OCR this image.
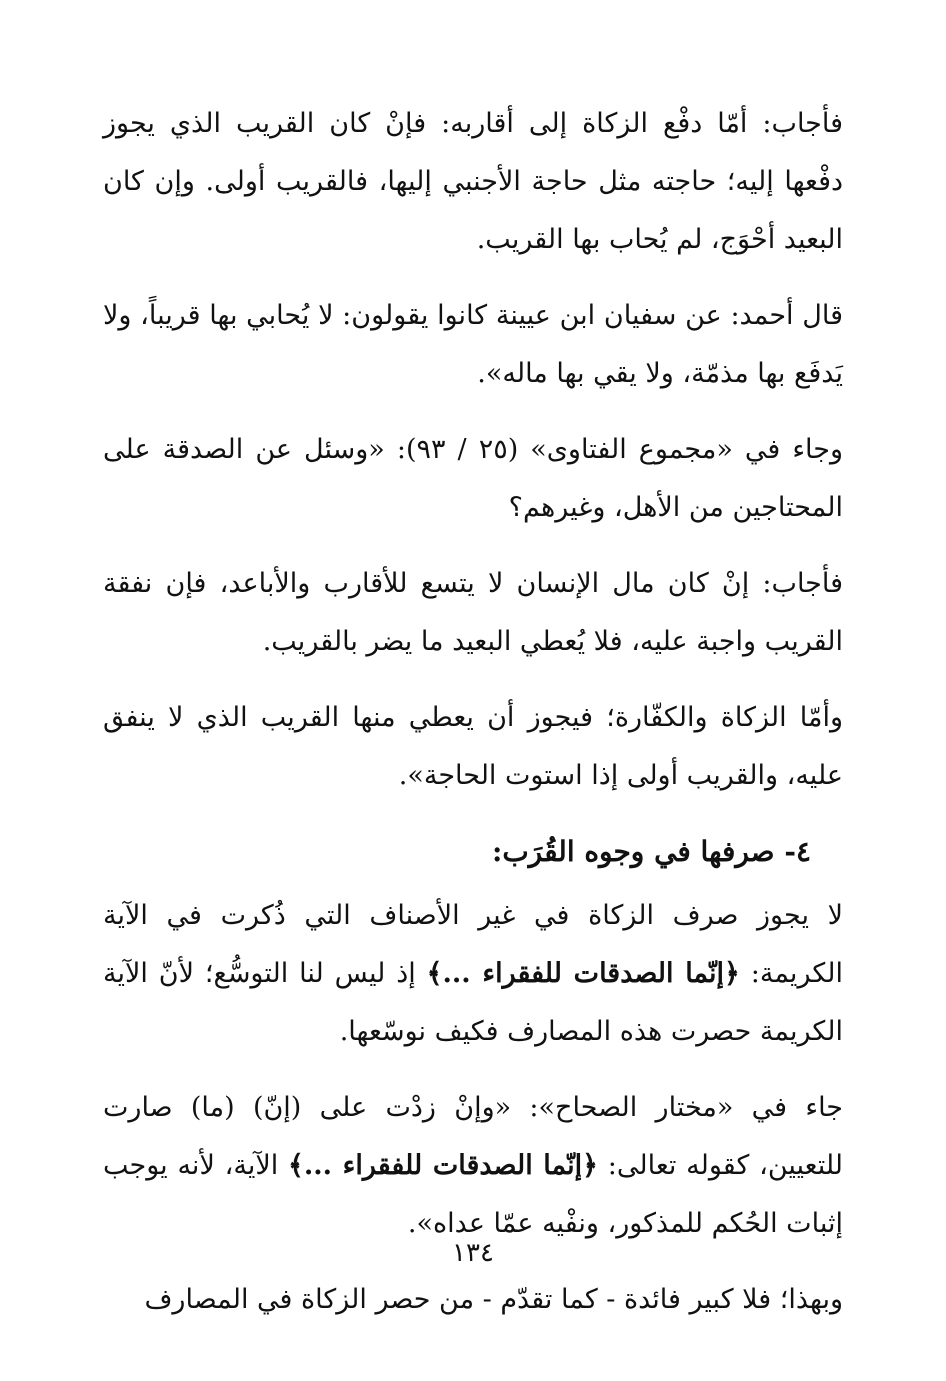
فأجاب: أمّا دفْع الزكاة إلى أقاربه: فإنْ كان القريب الذي يجوز دفْعها إليه؛ حاجته مثل حاجة الأجنبي إليها، فالقريب أولى. وإن كان البعيد أحْوَج، لم يُحاب بها القريب.

قال أحمد: عن سفيان ابن عيينة كانوا يقولون: لا يُحابي بها قريباً، ولا يَدفَع بها مذمّة، ولا يقي بها ماله».

وجاء في «مجموع الفتاوى» (٢٥ / ٩٣): «وسئل عن الصدقة على المحتاجين من الأهل، وغيرهم؟

فأجاب: إنْ كان مال الإنسان لا يتسع للأقارب والأباعد، فإن نفقة القريب واجبة عليه، فلا يُعطي البعيد ما يضر بالقريب.

وأمّا الزكاة والكفّارة؛ فيجوز أن يعطي منها القريب الذي لا ينفق عليه، والقريب أولى إذا استوت الحاجة».

٤- صرفها في وجوه القُرَب:

لا يجوز صرف الزكاة في غير الأصناف التي ذُكرت في الآية الكريمة: ﴿إنّما الصدقات للفقراء ...﴾ إذ ليس لنا التوسُّع؛ لأنّ الآية الكريمة حصرت هذه المصارف فكيف نوسّعها.

جاء في «مختار الصحاح»: «وإنْ زدْت على (إنّ) (ما) صارت للتعيين، كقوله تعالى: ﴿إنّما الصدقات للفقراء ...﴾ الآية، لأنه يوجب إثبات الحُكم للمذكور، ونفْيه عمّا عداه».

وبهذا؛ فلا كبير فائدة - كما تقدّم - من حصر الزكاة في المصارف

١٣٤
